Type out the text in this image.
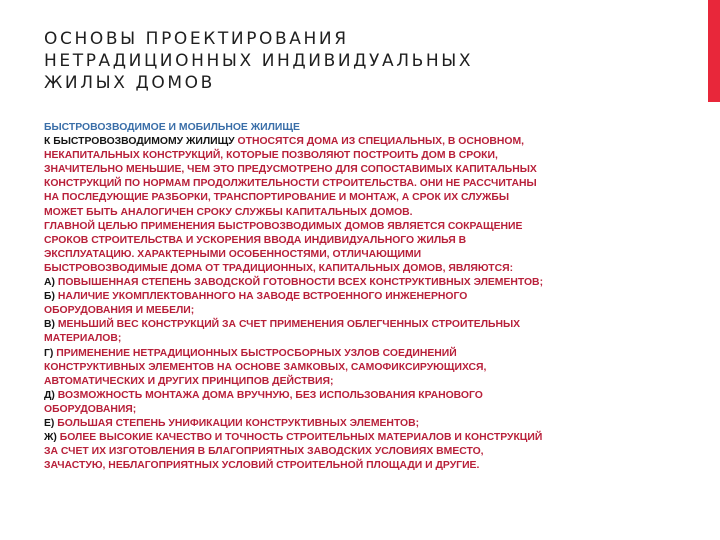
ОСНОВЫ ПРОЕКТИРОВАНИЯ
НЕТРАДИЦИОННЫХ ИНДИВИДУАЛЬНЫХ
ЖИЛЫХ ДОМОВ
БЫСТРОВОЗВОДИМОЕ И МОБИЛЬНОЕ ЖИЛИЩЕ
К БЫСТРОВОЗВОДИМОМУ ЖИЛИЩУ ОТНОСЯТСЯ ДОМА ИЗ СПЕЦИАЛЬНЫХ, В ОСНОВНОМ,
НЕКАПИТАЛЬНЫХ КОНСТРУКЦИЙ, КОТОРЫЕ ПОЗВОЛЯЮТ ПОСТРОИТЬ ДОМ В СРОКИ,
ЗНАЧИТЕЛЬНО МЕНЬШИЕ, ЧЕМ ЭТО ПРЕДУСМОТРЕНО ДЛЯ СОПОСТАВИМЫХ КАПИТАЛЬНЫХ
КОНСТРУКЦИЙ ПО НОРМАМ ПРОДОЛЖИТЕЛЬНОСТИ СТРОИТЕЛЬСТВА. ОНИ НЕ РАССЧИТАНЫ
НА ПОСЛЕДУЮЩИЕ РАЗБОРКИ, ТРАНСПОРТИРОВАНИЕ И МОНТАЖ, А СРОК ИХ СЛУЖБЫ
МОЖЕТ БЫТЬ АНАЛОГИЧЕН СРОКУ СЛУЖБЫ КАПИТАЛЬНЫХ ДОМОВ.
ГЛАВНОЙ ЦЕЛЬЮ ПРИМЕНЕНИЯ БЫСТРОВОЗВОДИМЫХ ДОМОВ ЯВЛЯЕТСЯ СОКРАЩЕНИЕ
СРОКОВ СТРОИТЕЛЬСТВА И УСКОРЕНИЯ ВВОДА ИНДИВИДУАЛЬНОГО ЖИЛЬЯ В
ЭКСПЛУАТАЦИЮ. ХАРАКТЕРНЫМИ ОСОБЕННОСТЯМИ, ОТЛИЧАЮЩИМИ
БЫСТРОВОЗВОДИМЫЕ ДОМА ОТ ТРАДИЦИОННЫХ, КАПИТАЛЬНЫХ ДОМОВ, ЯВЛЯЮТСЯ:
А) ПОВЫШЕННАЯ СТЕПЕНЬ ЗАВОДСКОЙ ГОТОВНОСТИ ВСЕХ КОНСТРУКТИВНЫХ ЭЛЕМЕНТОВ;
Б) НАЛИЧИЕ УКОМПЛЕКТОВАННОГО НА ЗАВОДЕ ВСТРОЕННОГО ИНЖЕНЕРНОГО
ОБОРУДОВАНИЯ И МЕБЕЛИ;
В) МЕНЬШИЙ ВЕС КОНСТРУКЦИЙ ЗА СЧЕТ ПРИМЕНЕНИЯ ОБЛЕГЧЕННЫХ СТРОИТЕЛЬНЫХ
МАТЕРИАЛОВ;
Г) ПРИМЕНЕНИЕ НЕТРАДИЦИОННЫХ БЫСТРОСБОРНЫХ УЗЛОВ СОЕДИНЕНИЙ
КОНСТРУКТИВНЫХ ЭЛЕМЕНТОВ НА ОСНОВЕ ЗАМКОВЫХ, САМОФИКСИРУЮЩИХСЯ,
АВТОМАТИЧЕСКИХ И ДРУГИХ ПРИНЦИПОВ ДЕЙСТВИЯ;
Д) ВОЗМОЖНОСТЬ МОНТАЖА ДОМА ВРУЧНУЮ, БЕЗ ИСПОЛЬЗОВАНИЯ КРАНОВОГО
ОБОРУДОВАНИЯ;
Е) БОЛЬШАЯ СТЕПЕНЬ УНИФИКАЦИИ КОНСТРУКТИВНЫХ ЭЛЕМЕНТОВ;
Ж) БОЛЕЕ ВЫСОКИЕ КАЧЕСТВО И ТОЧНОСТЬ СТРОИТЕЛЬНЫХ МАТЕРИАЛОВ И КОНСТРУКЦИЙ
ЗА СЧЕТ ИХ ИЗГОТОВЛЕНИЯ В БЛАГОПРИЯТНЫХ ЗАВОДСКИХ УСЛОВИЯХ ВМЕСТО,
ЗАЧАСТУЮ, НЕБЛАГОПРИЯТНЫХ УСЛОВИЙ СТРОИТЕЛЬНОЙ ПЛОЩАДИ И ДРУГИЕ.
